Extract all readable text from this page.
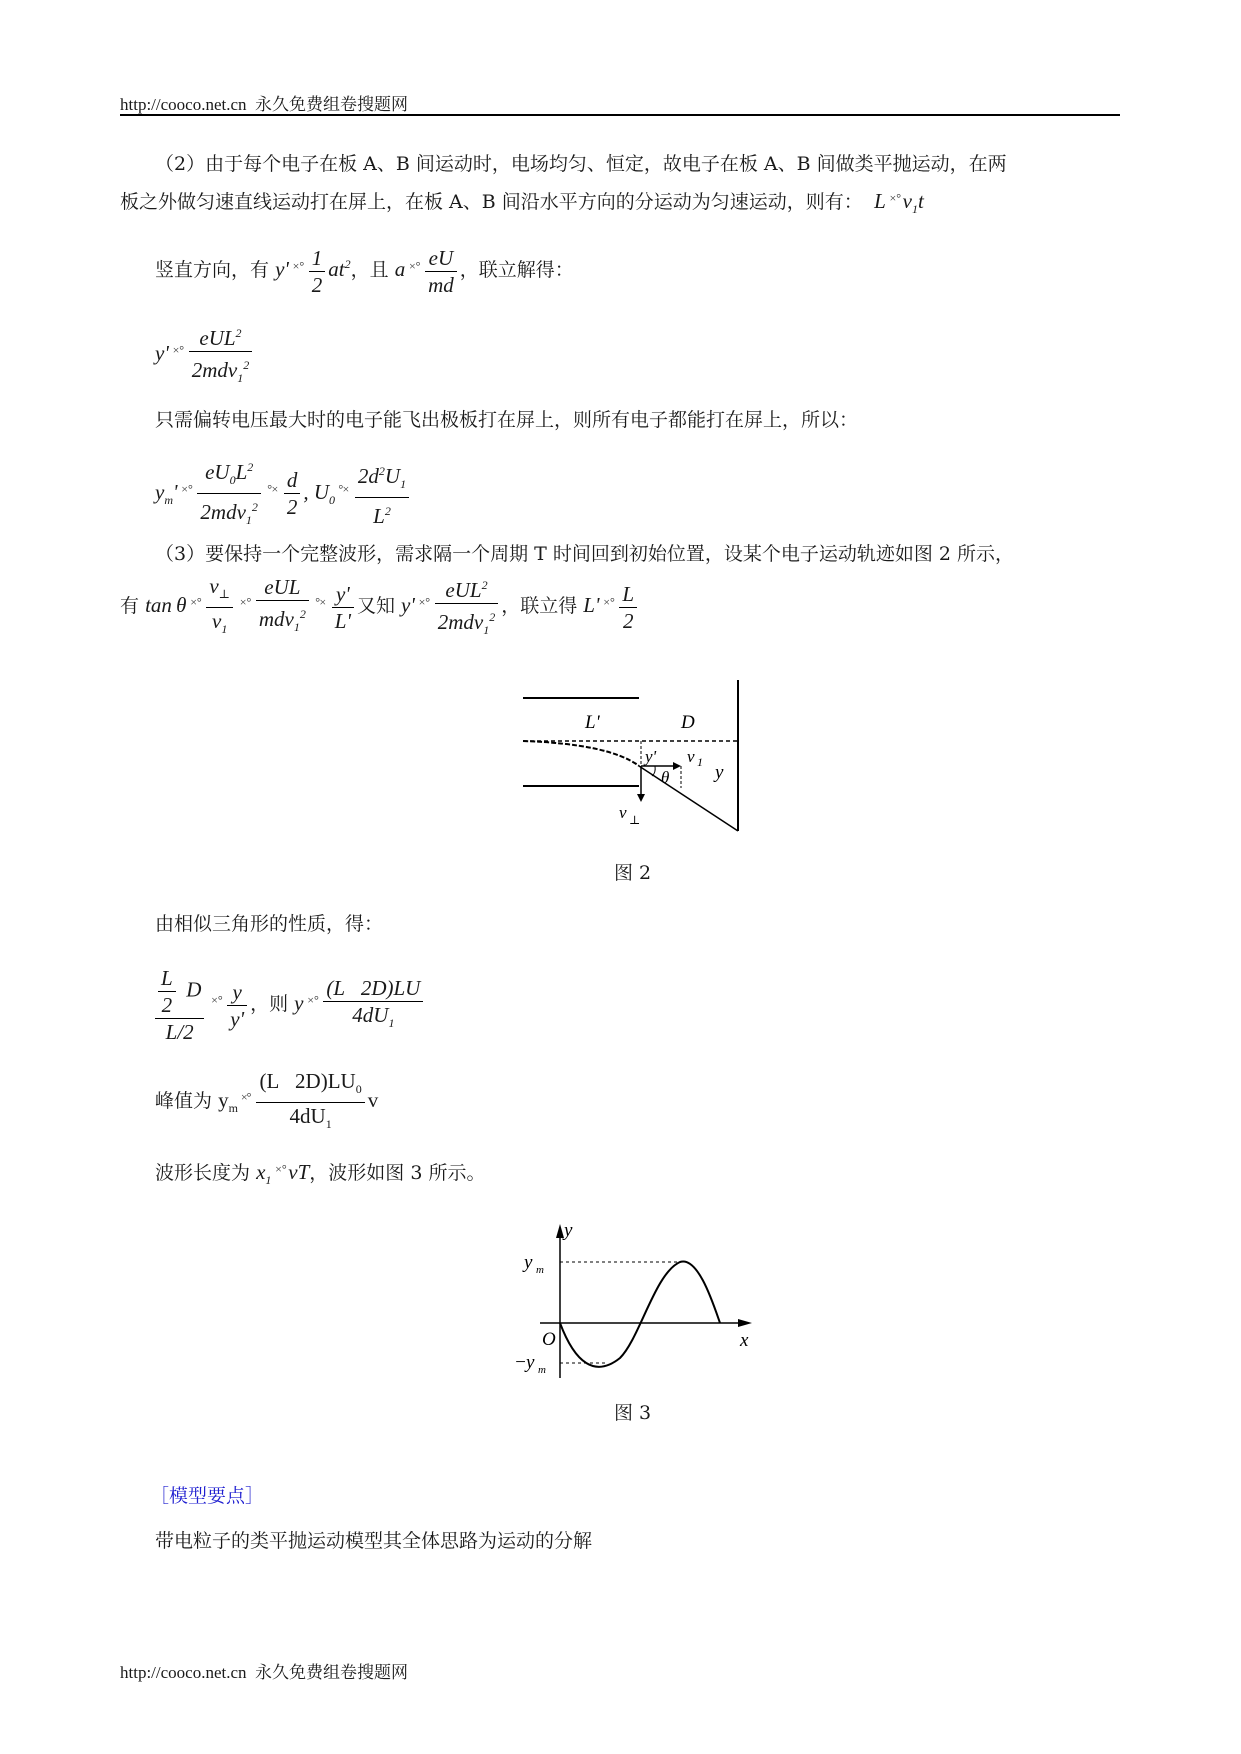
http://cooco.net.cn 永久免费组卷搜题网
（2）由于每个电子在板 A、B 间运动时，电场均匀、恒定，故电子在板 A、B 间做类平抛运动，在两
板之外做匀速直线运动打在屏上，在板 A、B 间沿水平方向的分运动为匀速运动，则有：  L ×° $v_1t$
竖直方向，有 y' $^{\times^\circ} \frac{1}{2} at^2$，且 a $^{\times^\circ} \frac{eU}{md}$ ，联立解得：
y' $^{\times^\circ} \frac{eUL^2}{2mdv_1^2}$
只需偏转电压最大时的电子能飞出极板打在屏上，则所有电子都能打在屏上，所以：
$y_m'$ $^{\times^\circ} \frac{eU_0L^2}{2mdv_1^2} ^{^\circ\times} \frac{d}{2}$ , $U_0^{^\circ\times} \frac{2d^2U_1}{L^2}$
（3）要保持一个完整波形，需求隔一个周期 T 时间回到初始位置，设某个电子运动轨迹如图 2 所示，
有 tan θ $^{\times^\circ} \frac{v_\perp}{v_1} ^{\times^\circ} \frac{\text{eUL}}{mdv_1^2} ^{^\circ\times} \frac{y'}{L'}$ 又知 y' $^{\times^\circ} \frac{eUL^2}{2mdv_1^2}$ ，联立得 L' $^{\times^\circ} \frac{L}{2}$
L'	D
y' v 1 y
θ
v ⊥
图 2
由相似三角形的性质，得：
$\frac{\frac{L}{2} D}{L/2} ^{\times^\circ} \frac{y}{y'}$ ，则 y $^{\times^\circ} \frac{(L 2D)LU}{4dU_1}$
峰值为 $y_m^{\times^\circ} \frac{(L 2D)LU_0}{4dU_1}$ v
波形长度为 $x_1^{\times^\circ}$ vT，波形如图 3 所示。
y
x
O
y m
− y m
图 3
［模型要点］
带电粒子的类平抛运动模型其全体思路为运动的分解
http://cooco.net.cn 永久免费组卷搜题网
